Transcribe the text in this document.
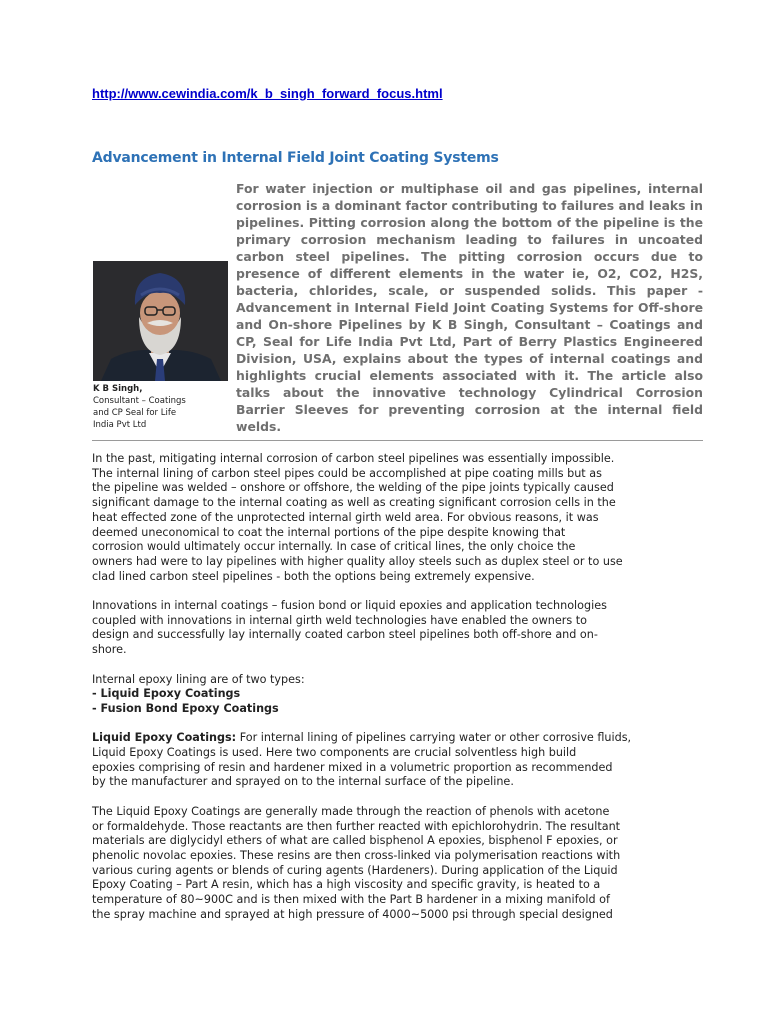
http://www.cewindia.com/k_b_singh_forward_focus.html
Advancement in Internal Field Joint Coating Systems
K B Singh,
Consultant – Coatings
and CP Seal for Life
India Pvt Ltd

For water injection or multiphase oil and gas pipelines, internal corrosion is a dominant factor contributing to failures and leaks in pipelines. Pitting corrosion along the bottom of the pipeline is the primary corrosion mechanism leading to failures in uncoated carbon steel pipelines. The pitting corrosion occurs due to presence of different elements in the water ie, O2, CO2, H2S, bacteria, chlorides, scale, or suspended solids. This paper - Advancement in Internal Field Joint Coating Systems for Off-shore and On-shore Pipelines by K B Singh, Consultant – Coatings and CP, Seal for Life India Pvt Ltd, Part of Berry Plastics Engineered Division, USA, explains about the types of internal coatings and highlights crucial elements associated with it. The article also talks about the innovative technology Cylindrical Corrosion Barrier Sleeves for preventing corrosion at the internal field welds.

In the past, mitigating internal corrosion of carbon steel pipelines was essentially impossible.
The internal lining of carbon steel pipes could be accomplished at pipe coating mills but as
the pipeline was welded – onshore or offshore, the welding of the pipe joints typically caused
significant damage to the internal coating as well as creating significant corrosion cells in the
heat effected zone of the unprotected internal girth weld area. For obvious reasons, it was
deemed uneconomical to coat the internal portions of the pipe despite knowing that
corrosion would ultimately occur internally. In case of critical lines, the only choice the
owners had were to lay pipelines with higher quality alloy steels such as duplex steel or to use
clad lined carbon steel pipelines - both the options being extremely expensive.

Innovations in internal coatings – fusion bond or liquid epoxies and application technologies
coupled with innovations in internal girth weld technologies have enabled the owners to
design and successfully lay internally coated carbon steel pipelines both off-shore and on-
shore.

Internal epoxy lining are of two types:
- Liquid Epoxy Coatings
- Fusion Bond Epoxy Coatings

Liquid Epoxy Coatings: For internal lining of pipelines carrying water or other corrosive fluids,
Liquid Epoxy Coatings is used. Here two components are crucial solventless high build
epoxies comprising of resin and hardener mixed in a volumetric proportion as recommended
by the manufacturer and sprayed on to the internal surface of the pipeline.

The Liquid Epoxy Coatings are generally made through the reaction of phenols with acetone
or formaldehyde. Those reactants are then further reacted with epichlorohydrin. The resultant
materials are diglycidyl ethers of what are called bisphenol A epoxies, bisphenol F epoxies, or
phenolic novolac epoxies. These resins are then cross-linked via polymerisation reactions with
various curing agents or blends of curing agents (Hardeners). During application of the Liquid
Epoxy Coating – Part A resin, which has a high viscosity and specific gravity, is heated to a
temperature of 80~900C and is then mixed with the Part B hardener in a mixing manifold of
the spray machine and sprayed at high pressure of 4000~5000 psi through special designed
